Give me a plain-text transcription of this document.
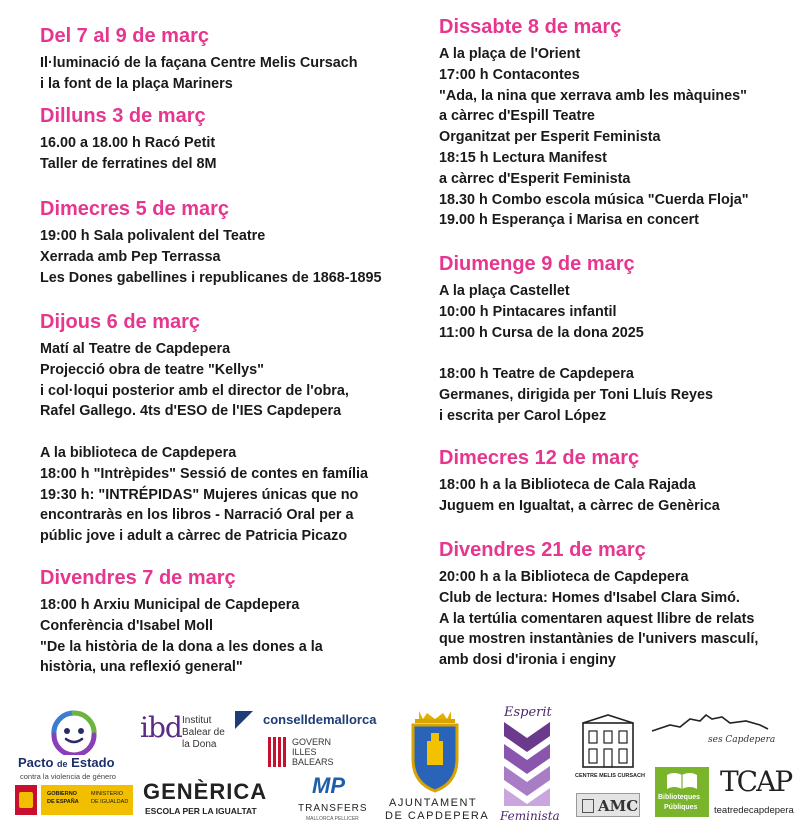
Del 7 al 9 de març
Il·luminació de la façana Centre Melis Cursach
i la font de la plaça Mariners
Dilluns 3 de març
16.00 a 18.00 h Racó Petit
Taller de ferratines del 8M
Dimecres 5 de març
19:00 h Sala polivalent del Teatre
Xerrada amb Pep Terrassa
Les Dones gabellines i republicanes de 1868-1895
Dijous 6 de març
Matí al Teatre de Capdepera
Projecció obra de teatre "Kellys"
i col·loqui posterior amb el director de l'obra,
Rafel Gallego. 4ts d'ESO de l'IES Capdepera
A la biblioteca de Capdepera
18:00 h "Intrèpides" Sessió de contes en família
19:30 h: "INTRÉPIDAS" Mujeres únicas que no
encontraràs en los libros - Narració Oral per a
públic jove i adult a càrrec de Patricia Picazo
Divendres 7 de març
18:00 h Arxiu Municipal de Capdepera
Conferència d'Isabel Moll
"De la història de la dona a les dones a la
història, una reflexió general"
Dissabte 8 de març
A la plaça de l'Orient
17:00 h Contacontes
"Ada, la nina que xerrava amb les màquines"
a càrrec d'Espill Teatre
Organitzat per Esperit Feminista
18:15 h Lectura Manifest
a càrrec d'Esperit Feminista
18.30 h Combo escola música "Cuerda Floja"
19.00 h Esperança i Marisa en concert
Diumenge 9 de març
A la plaça Castellet
10:00 h Pintacares infantil
11:00 h Cursa de la dona 2025
18:00 h Teatre de Capdepera
Germanes, dirigida per Toni Lluís Reyes
i escrita per Carol López
Dimecres 12 de març
18:00 h a la Biblioteca de Cala Rajada
Juguem en Igualtat, a càrrec de Genèrica
Divendres 21 de març
20:00 h a la Biblioteca de Capdepera
Club de lectura: Homes d'Isabel Clara Simó.
A la tertúlia comentaren aquest llibre de relats
que mostren instantànies de l'univers masculí,
amb dosi d'ironia i enginy
Pacto de Estado
contra la violencia de género
GOBIERNO
DE ESPAÑA
MINISTERIO
DE IGUALDAD
ibd Institut
Balear de
la Dona
GENÈRICA
ESCOLA PER LA IGUALTAT
conselldemallorca
GOVERN
ILLES
BALEARS
MP
TRANSFERS
MALLORCA PELLICER
AJUNTAMENT
DE CAPDEPERA
Esperit
Feminista
CENTRE MELIS CURSACH
AMC
ses Capdepera
Biblioteques
Públiques
TCAP
teatredecapdepera
